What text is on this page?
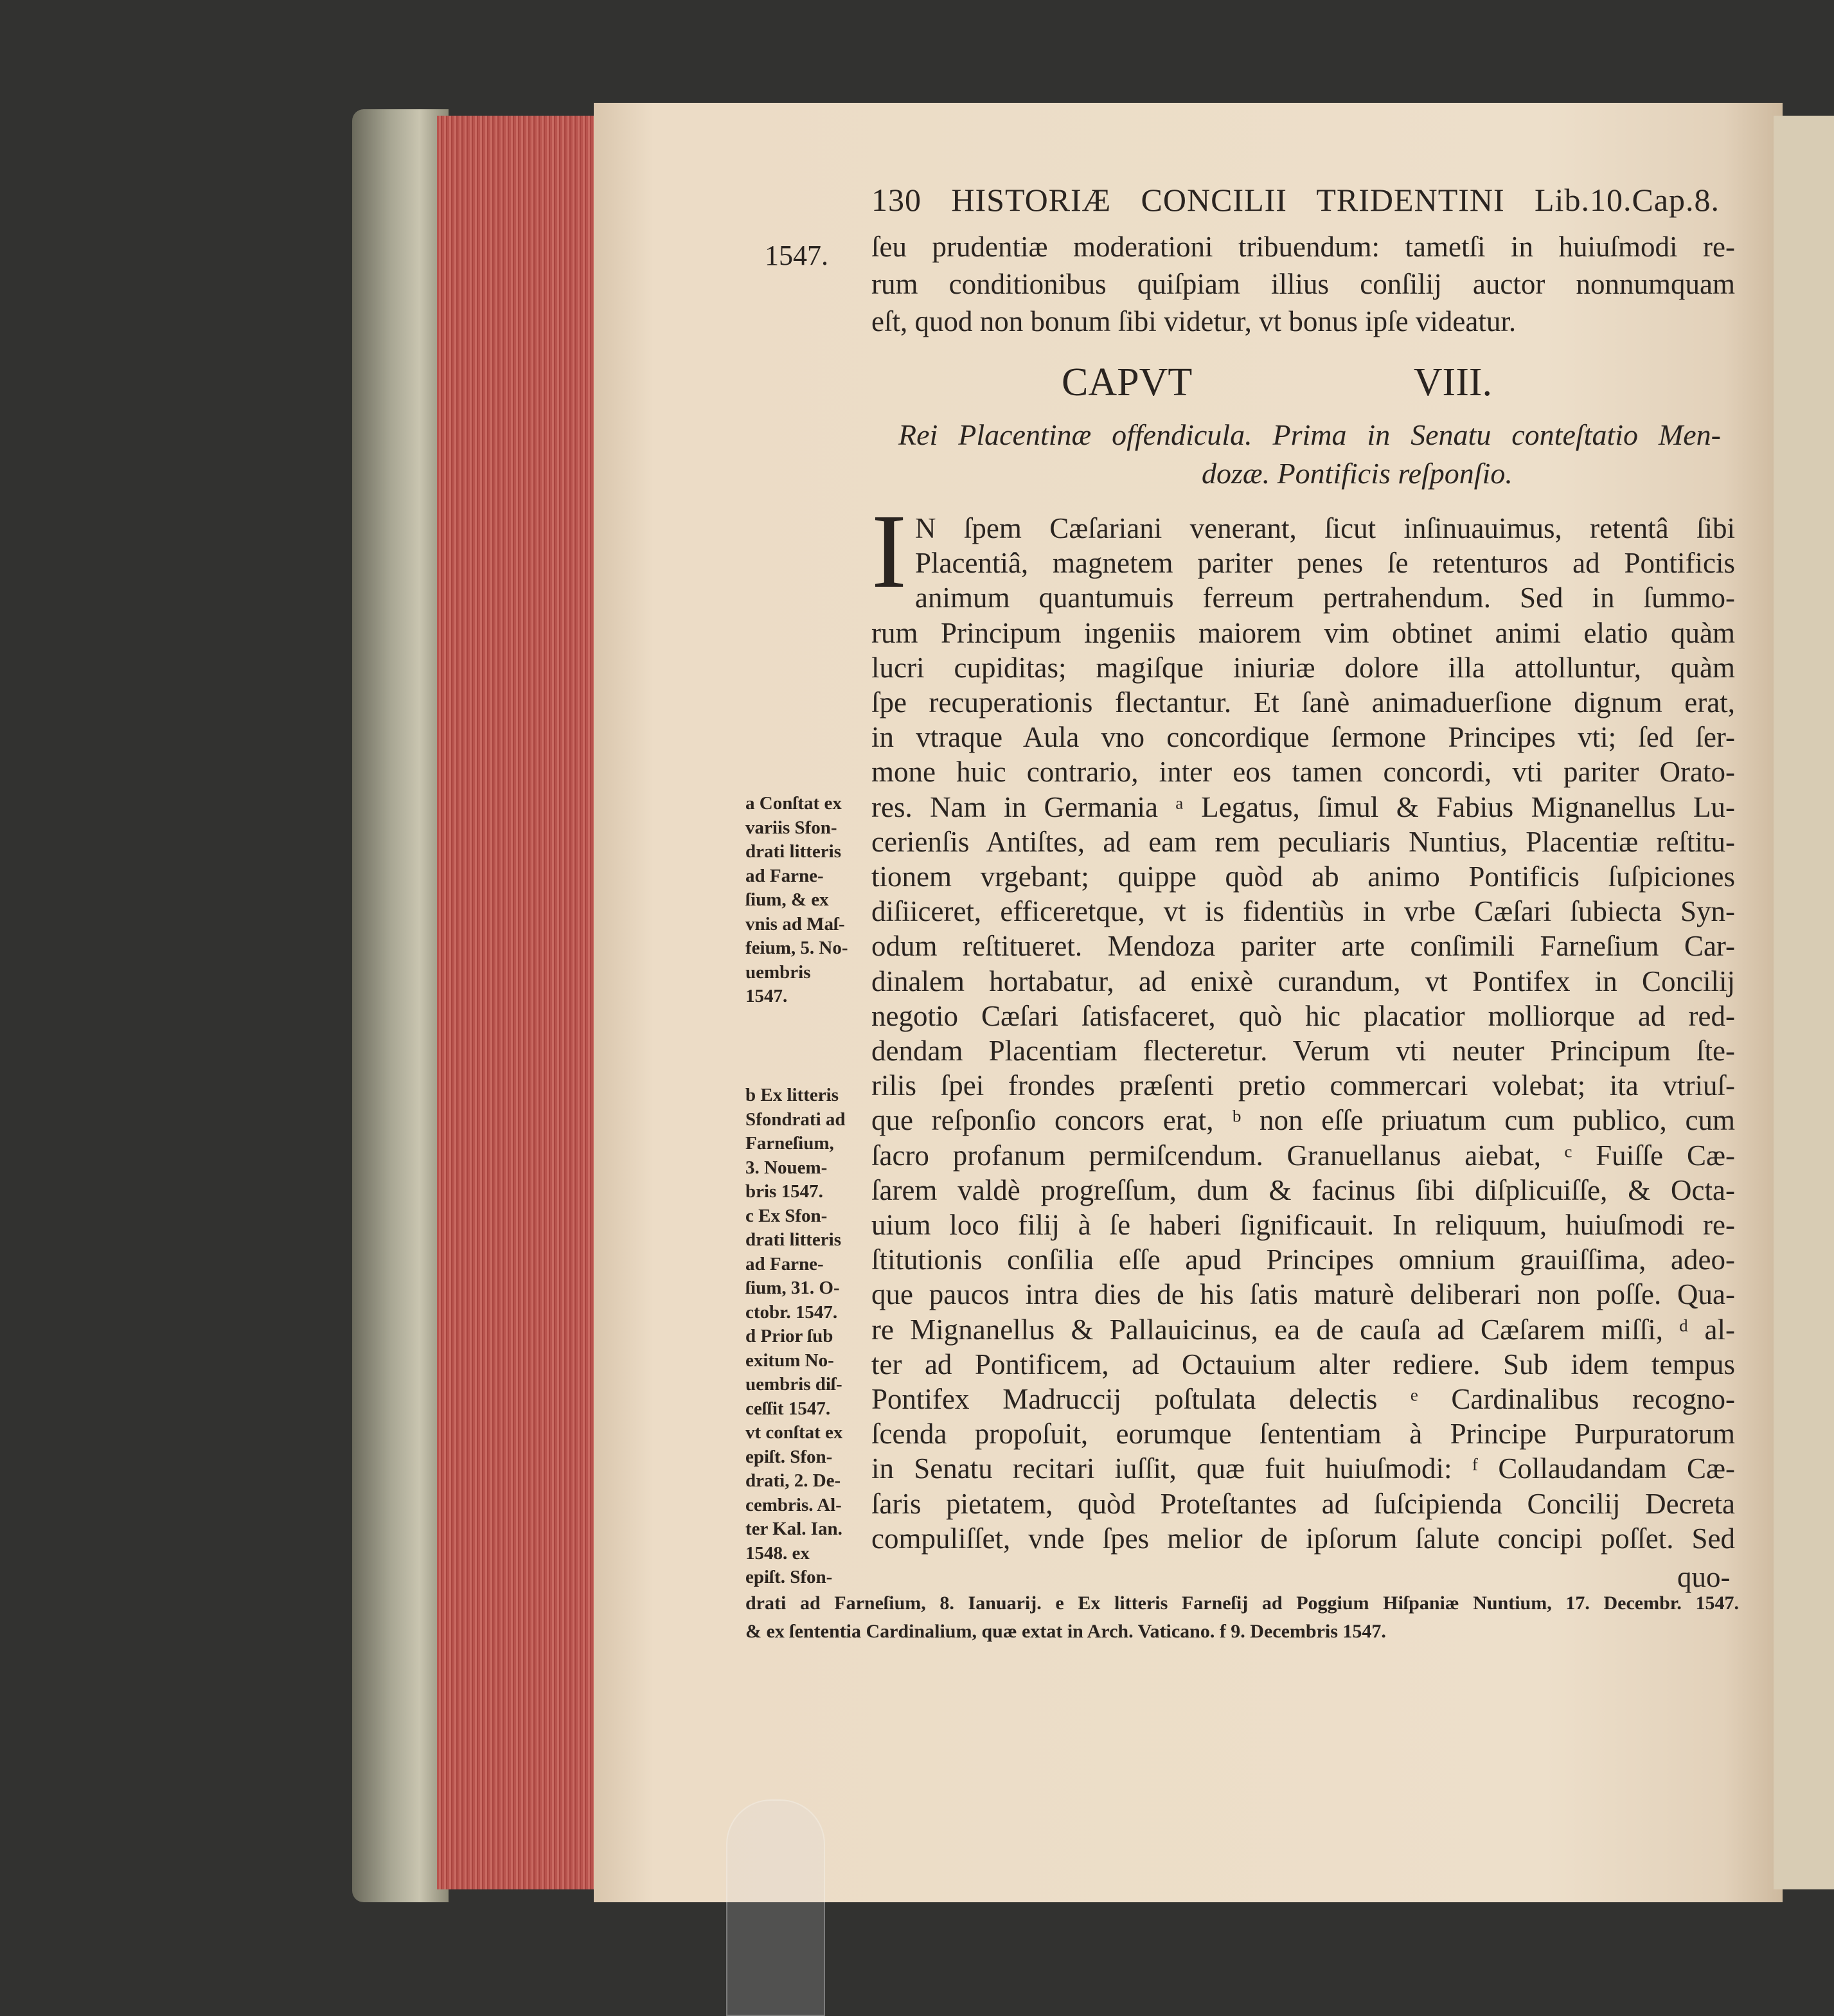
130 HISTORIÆ CONCILII TRIDENTINI Lib.10.Cap.8.
1547. ſeu prudentiæ moderationi tribuendum: tametſi in huiuſmodi re-
rum conditionibus quiſpiam illius conſilij auctor nonnumquam
eſt, quod non bonum ſibi videtur, vt bonus ipſe videatur.
CAPVT VIII.
Rei Placentinæ offendicula. Prima in Senatu conteſtatio Men-
dozæ. Pontificis reſponſio.
I N ſpem Cæſariani venerant, ſicut inſinuauimus, retentâ ſibi
Placentiâ, magnetem pariter penes ſe retenturos ad Pontificis
animum quantumuis ferreum pertrahendum. Sed in ſummo-
rum Principum ingeniis maiorem vim obtinet animi elatio quàm
lucri cupiditas; magiſque iniuriæ dolore illa attolluntur, quàm
ſpe recuperationis flectantur. Et ſanè animaduerſione dignum erat,
in vtraque Aula vno concordique ſermone Principes vti; ſed ſer-
mone huic contrario, inter eos tamen concordi, vti pariter Orato-
res. Nam in Germania ᵃ Legatus, ſimul & Fabius Mignanellus Lu-
cerienſis Antiſtes, ad eam rem peculiaris Nuntius, Placentiæ reſtitu-
tionem vrgebant; quippe quòd ab animo Pontificis ſuſpiciones
diſiiceret, efficeretque, vt is fidentiùs in vrbe Cæſari ſubiecta Syn-
odum reſtitueret. Mendoza pariter arte conſimili Farneſium Car-
dinalem hortabatur, ad enixè curandum, vt Pontifex in Concilij
negotio Cæſari ſatisfaceret, quò hic placatior molliorque ad red-
dendam Placentiam flecteretur. Verum vti neuter Principum ſte-
rilis ſpei frondes præſenti pretio commercari volebat; ita vtriuſ-
que reſponſio concors erat, ᵇ non eſſe priuatum cum publico, cum
ſacro profanum permiſcendum. Granuellanus aiebat, ᶜ Fuiſſe Cæ-
ſarem valdè progreſſum, dum & facinus ſibi diſplicuiſſe, & Octa-
uium loco filij à ſe haberi ſignificauit. In reliquum, huiuſmodi re-
ſtitutionis conſilia eſſe apud Principes omnium grauiſſima, adeo-
que paucos intra dies de his ſatis maturè deliberari non poſſe. Qua-
re Mignanellus & Pallauicinus, ea de cauſa ad Cæſarem miſſi, ᵈ al-
ter ad Pontificem, ad Octauium alter rediere. Sub idem tempus
Pontifex Madruccij poſtulata delectis ᵉ Cardinalibus recogno-
ſcenda propoſuit, eorumque ſententiam à Principe Purpuratorum
in Senatu recitari iuſſit, quæ fuit huiuſmodi: ᶠ Collaudandam Cæ-
ſaris pietatem, quòd Proteſtantes ad ſuſcipienda Concilij Decreta
compuliſſet, vnde ſpes melior de ipſorum ſalute concipi poſſet. Sed
quo-
a Conſtat ex
variis Sfon-
drati litteris
ad Farne-
ſium, & ex
vnis ad Maſ-
feium, 5. No-
uembris
1547.
b Ex litteris
Sfondrati ad
Farneſium,
3. Nouem-
bris 1547.
c Ex Sfon-
drati litteris
ad Farne-
ſium, 31. O-
ctobr. 1547.
d Prior ſub
exitum No-
uembris diſ-
ceſſit 1547.
vt conſtat ex
epiſt. Sfon-
drati, 2. De-
cembris. Al-
ter Kal. Ian.
1548. ex
epiſt. Sfon-
drati ad Farneſium, 8. Ianuarij. e Ex litteris Farneſij ad Poggium Hiſpaniæ Nuntium, 17. Decembr. 1547.
& ex ſententia Cardinalium, quæ extat in Arch. Vaticano. f 9. Decembris 1547.
